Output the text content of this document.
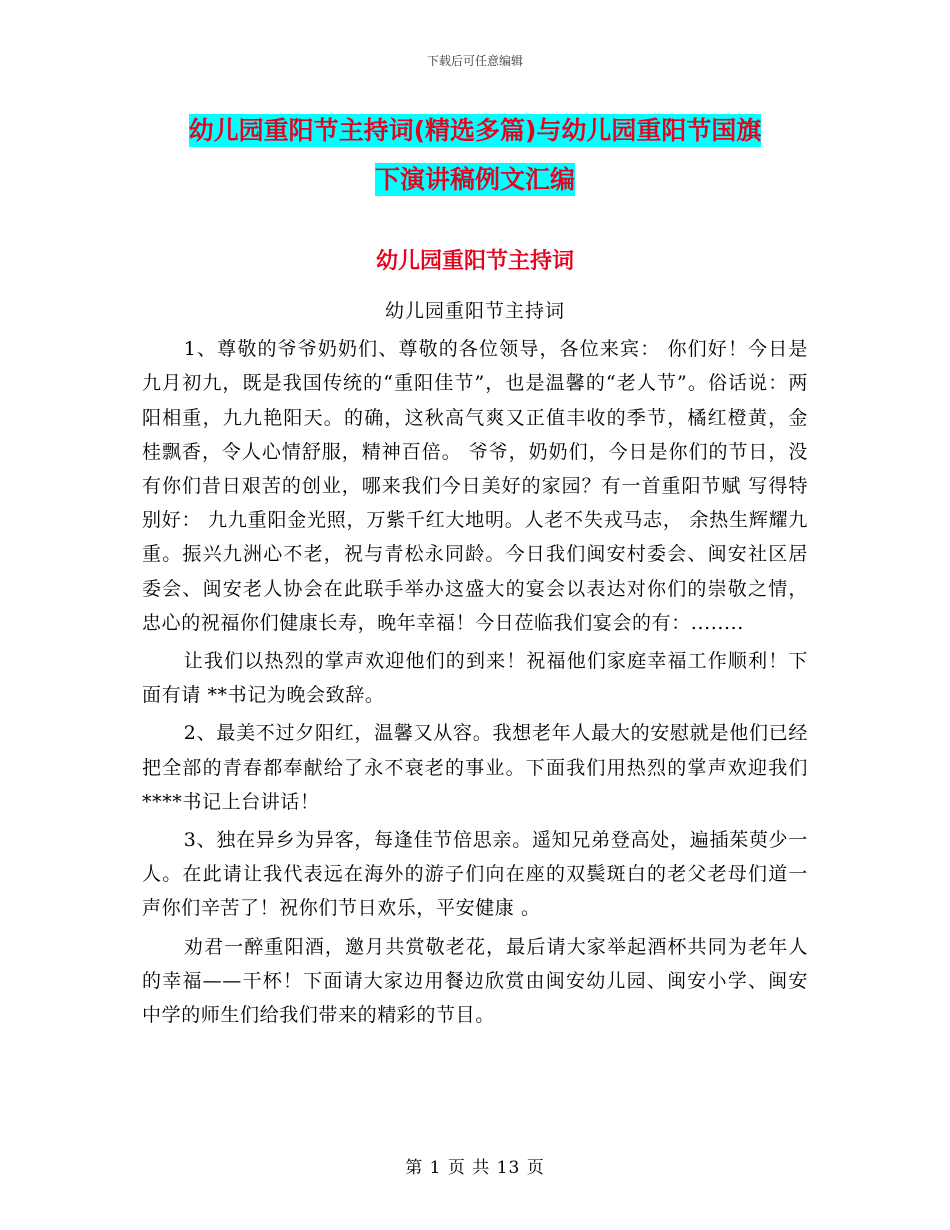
下载后可任意编辑
幼儿园重阳节主持词(精选多篇)与幼儿园重阳节国旗
下演讲稿例文汇编
幼儿园重阳节主持词
幼儿园重阳节主持词

1、尊敬的爷爷奶奶们、尊敬的各位领导，各位来宾： 你们好！今日是九月初九，既是我国传统的“重阳佳节”，也是温馨的“老人节”。俗话说：两阳相重，九九艳阳天。的确，这秋高气爽又正值丰收的季节，橘红橙黄，金桂飘香，令人心情舒服，精神百倍。 爷爷，奶奶们，今日是你们的节日，没有你们昔日艰苦的创业，哪来我们今日美好的家园？有一首重阳节赋 写得特别好： 九九重阳金光照，万紫千红大地明。人老不失戎马志， 余热生辉耀九重。振兴九洲心不老，祝与青松永同龄。今日我们闽安村委会、闽安社区居委会、闽安老人协会在此联手举办这盛大的宴会以表达对你们的崇敬之情，忠心的祝福你们健康长寿，晚年幸福！今日莅临我们宴会的有：........

让我们以热烈的掌声欢迎他们的到来！祝福他们家庭幸福工作顺利！下面有请 **书记为晚会致辞。

2、最美不过夕阳红，温馨又从容。我想老年人最大的安慰就是他们已经把全部的青春都奉献给了永不衰老的事业。下面我们用热烈的掌声欢迎我们****书记上台讲话！

3、独在异乡为异客，每逢佳节倍思亲。遥知兄弟登高处，遍插茱萸少一人。在此请让我代表远在海外的游子们向在座的双鬓斑白的老父老母们道一声你们辛苦了！祝你们节日欢乐，平安健康 。

劝君一醉重阳酒，邀月共赏敬老花，最后请大家举起酒杯共同为老年人的幸福——干杯！下面请大家边用餐边欣赏由闽安幼儿园、闽安小学、闽安中学的师生们给我们带来的精彩的节目。

第 1 页 共 13 页
